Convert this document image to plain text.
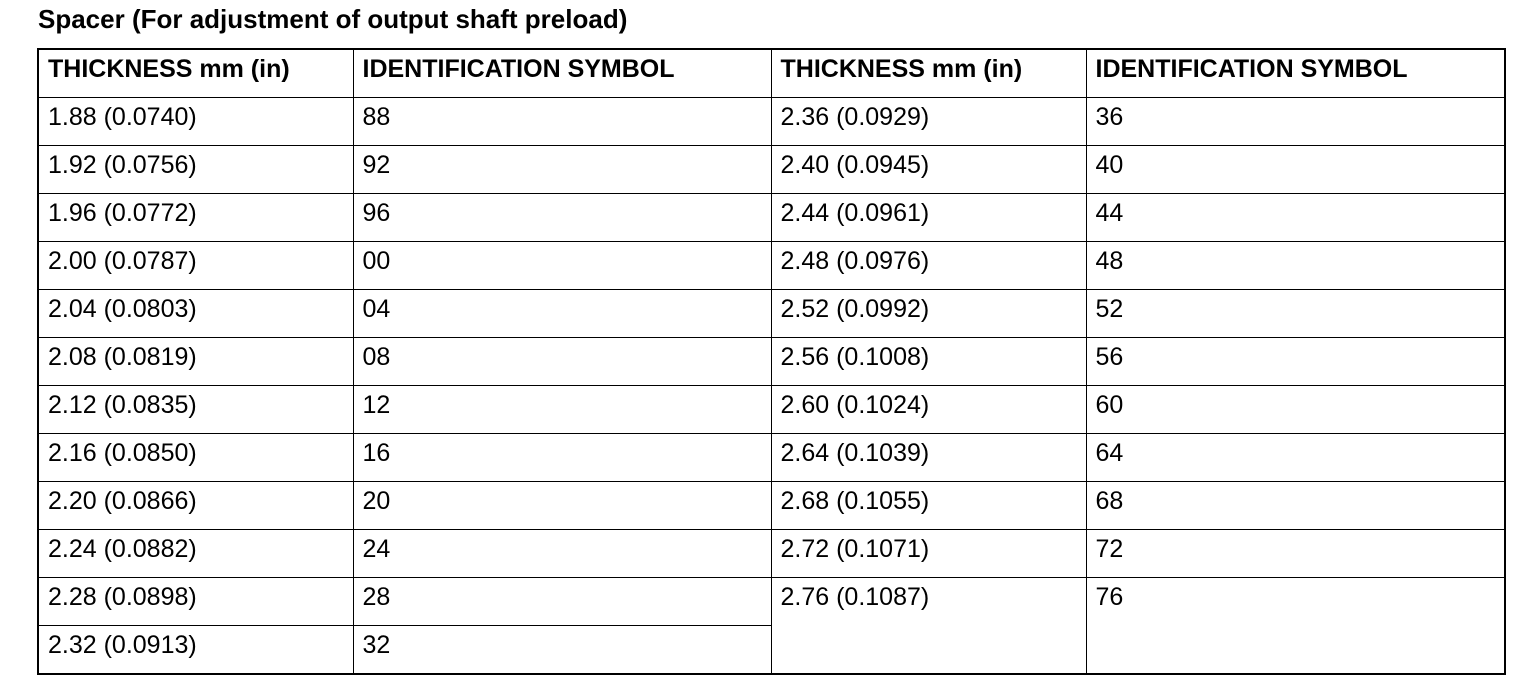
Spacer (For adjustment of output shaft preload)
THICKNESS mm (in)	IDENTIFICATION SYMBOL	THICKNESS mm (in)	IDENTIFICATION SYMBOL
1.88 (0.0740)	88	2.36 (0.0929)	36
1.92 (0.0756)	92	2.40 (0.0945)	40
1.96 (0.0772)	96	2.44 (0.0961)	44
2.00 (0.0787)	00	2.48 (0.0976)	48
2.04 (0.0803)	04	2.52 (0.0992)	52
2.08 (0.0819)	08	2.56 (0.1008)	56
2.12 (0.0835)	12	2.60 (0.1024)	60
2.16 (0.0850)	16	2.64 (0.1039)	64
2.20 (0.0866)	20	2.68 (0.1055)	68
2.24 (0.0882)	24	2.72 (0.1071)	72
2.28 (0.0898)	28	2.76 (0.1087)	76
2.32 (0.0913)	32		
